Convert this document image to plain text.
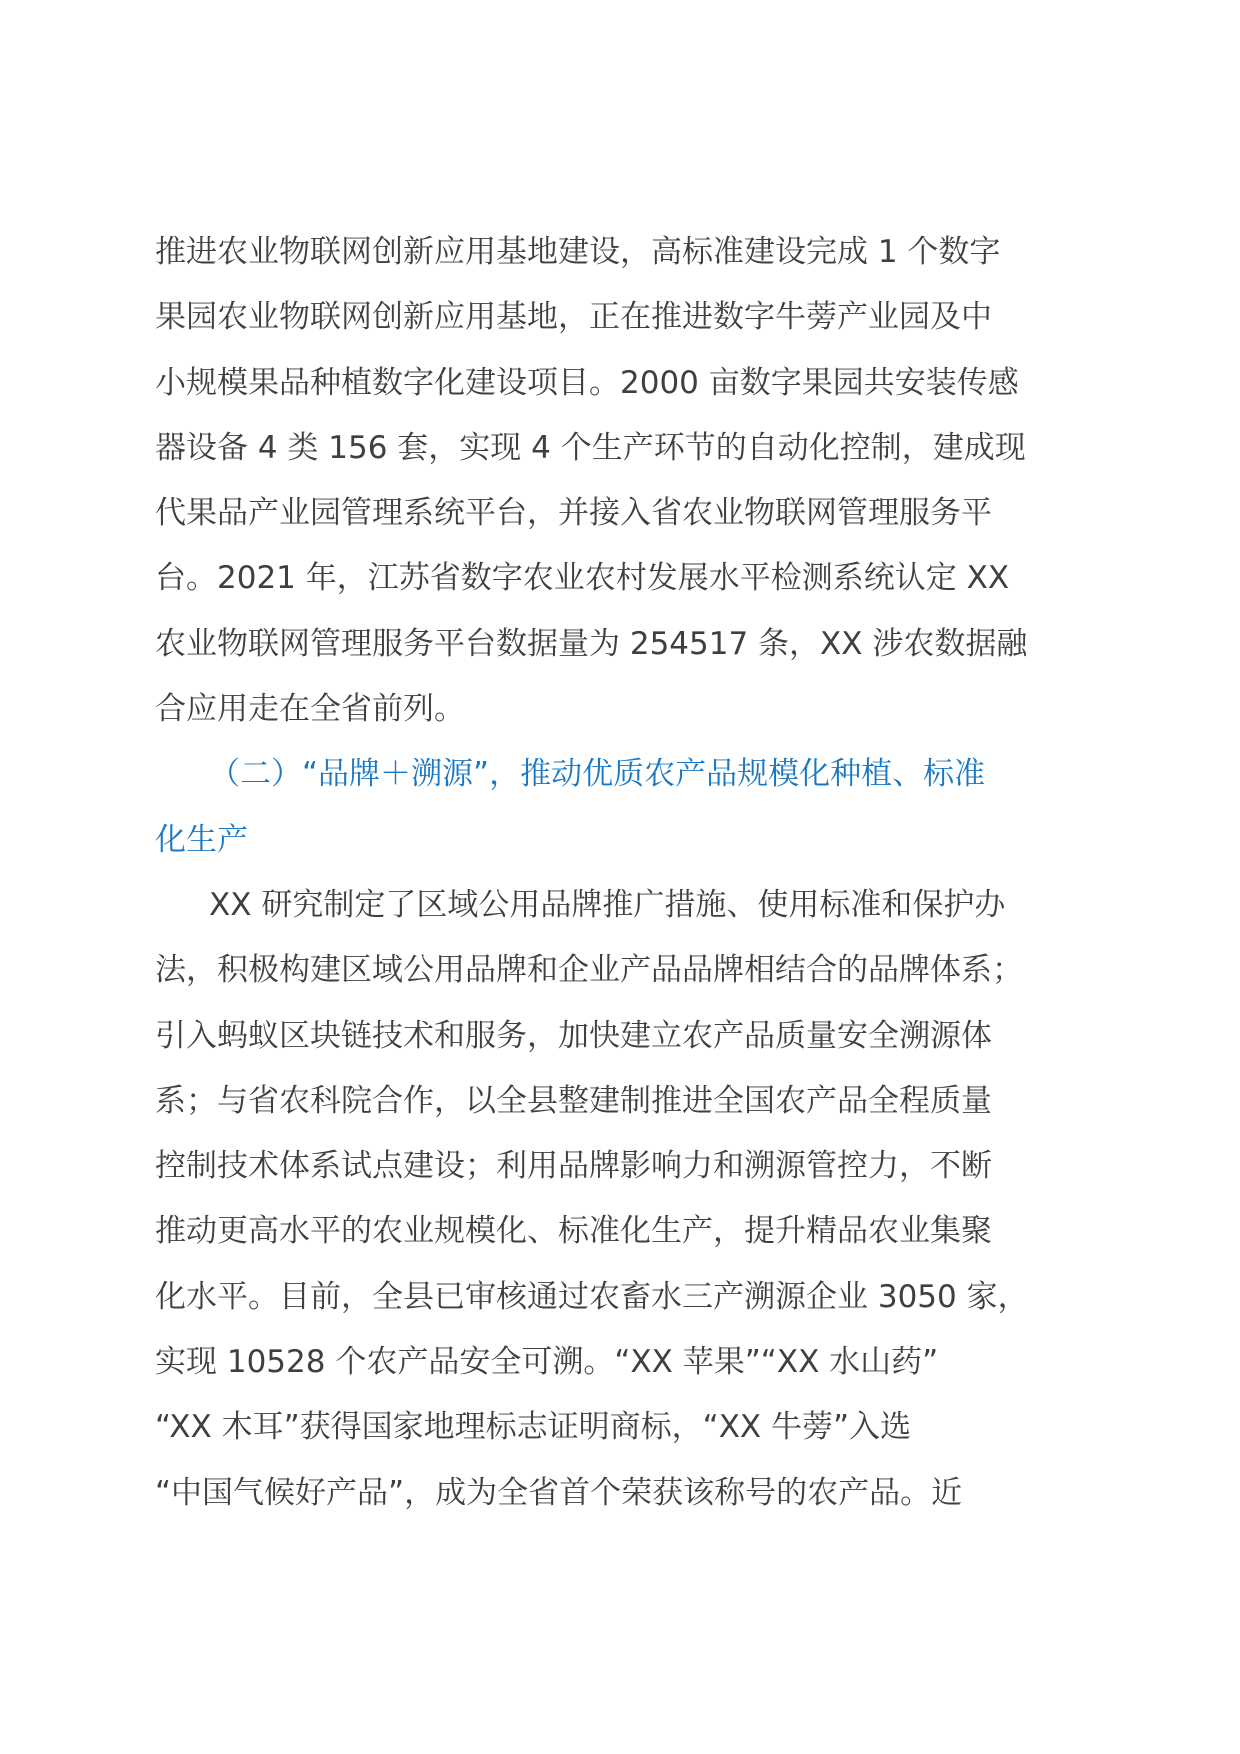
推进农业物联网创新应用基地建设，高标准建设完成 1 个数字
果园农业物联网创新应用基地，正在推进数字牛蒡产业园及中
小规模果品种植数字化建设项目。2000 亩数字果园共安装传感
器设备 4 类 156 套，实现 4 个生产环节的自动化控制，建成现
代果品产业园管理系统平台，并接入省农业物联网管理服务平
台。2021 年，江苏省数字农业农村发展水平检测系统认定 XX
农业物联网管理服务平台数据量为 254517 条，XX 涉农数据融
合应用走在全省前列。
（二）“品牌＋溯源”，推动优质农产品规模化种植、标准
化生产
XX 研究制定了区域公用品牌推广措施、使用标准和保护办
法，积极构建区域公用品牌和企业产品品牌相结合的品牌体系；
引入蚂蚁区块链技术和服务，加快建立农产品质量安全溯源体
系；与省农科院合作，以全县整建制推进全国农产品全程质量
控制技术体系试点建设；利用品牌影响力和溯源管控力，不断
推动更高水平的农业规模化、标准化生产，提升精品农业集聚
化水平。目前，全县已审核通过农畜水三产溯源企业 3050 家，
实现 10528 个农产品安全可溯。“XX 苹果”“XX 水山药”
“XX 木耳”获得国家地理标志证明商标，“XX 牛蒡”入选
“中国气候好产品”，成为全省首个荣获该称号的农产品。近
